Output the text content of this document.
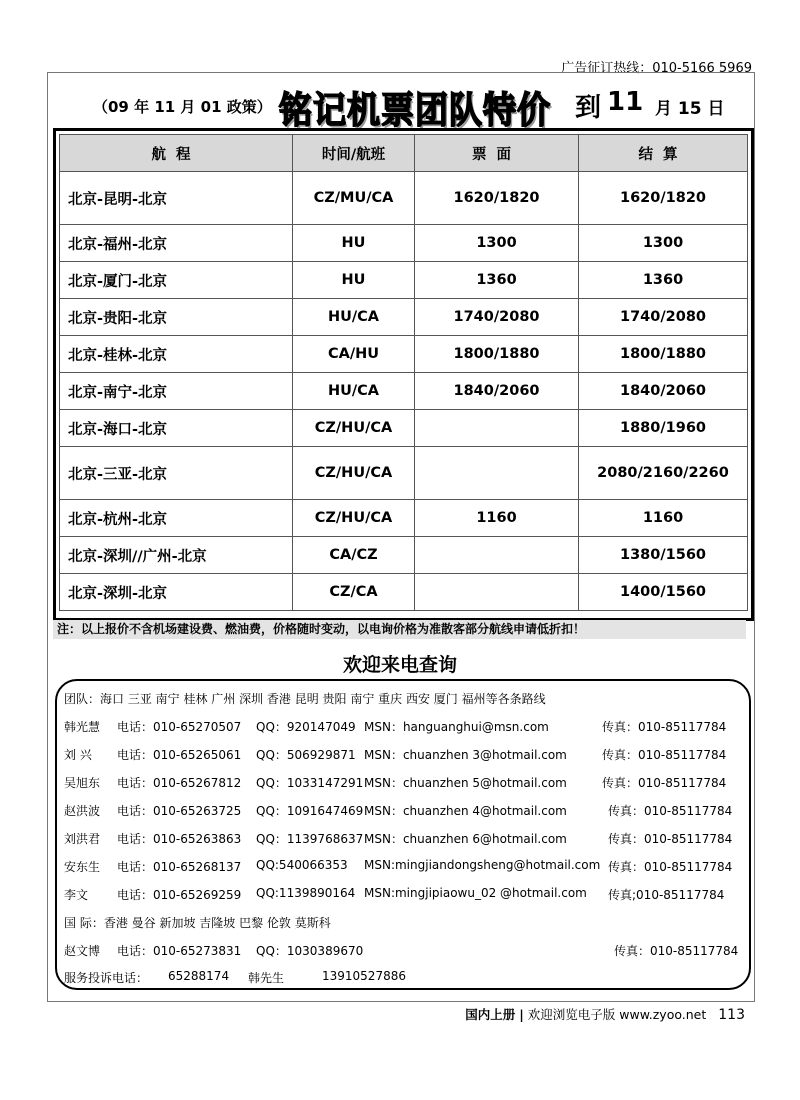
广告征订热线：010-5166 5969
（09 年 11 月 01 政策） 铭记机票团队特价 到 11 月 15 日
航程	时间/航班	票面	结算
北京-昆明-北京	CZ/MU/CA	1620/1820	1620/1820
北京-福州-北京	HU	1300	1300
北京-厦门-北京	HU	1360	1360
北京-贵阳-北京	HU/CA	1740/2080	1740/2080
北京-桂林-北京	CA/HU	1800/1880	1800/1880
北京-南宁-北京	HU/CA	1840/2060	1840/2060
北京-海口-北京	CZ/HU/CA		1880/1960
北京-三亚-北京	CZ/HU/CA		2080/2160/2260
北京-杭州-北京	CZ/HU/CA	1160	1160
北京-深圳//广州-北京	CA/CZ		1380/1560
北京-深圳-北京	CZ/CA		1400/1560
注：以上报价不含机场建设费、燃油费，价格随时变动，以电询价格为准散客部分航线申请低折扣！
欢迎来电查询
团队：海口 三亚 南宁 桂林 广州 深圳 香港 昆明 贵阳 南宁 重庆 西安 厦门 福州等各条路线
韩光慧 电话：010-65270507 QQ：920147049 MSN：hanguanghui@msn.com	传真：010-85117784
刘 兴 电话：010-65265061 QQ：506929871 MSN：chuanzhen 3@hotmail.com	传真：010-85117784
吴旭东 电话：010-65267812 QQ：1033147291 MSN：chuanzhen 5@hotmail.com	传真：010-85117784
赵洪波 电话：010-65263725 QQ：1091647469 MSN：chuanzhen 4@hotmail.com	传真：010-85117784
刘洪君 电话：010-65263863 QQ：1139768637 MSN：chuanzhen 6@hotmail.com	传真：010-85117784
安东生 电话：010-65268137 QQ:540066353 MSN:mingjiandongsheng@hotmail.com 传真：010-85117784
李文 电话：010-65269259 QQ:1139890164 MSN:mingjipiaowu_02 @hotmail.com 传真;010-85117784
国 际：香港 曼谷 新加坡 吉隆坡 巴黎 伦敦 莫斯科
赵文博 电话：010-65273831 QQ：1030389670	传真：010-85117784
服务投诉电话： 65288174 韩先生	13910527886
国内上册 | 欢迎浏览电子版 www.zyoo.net 113
